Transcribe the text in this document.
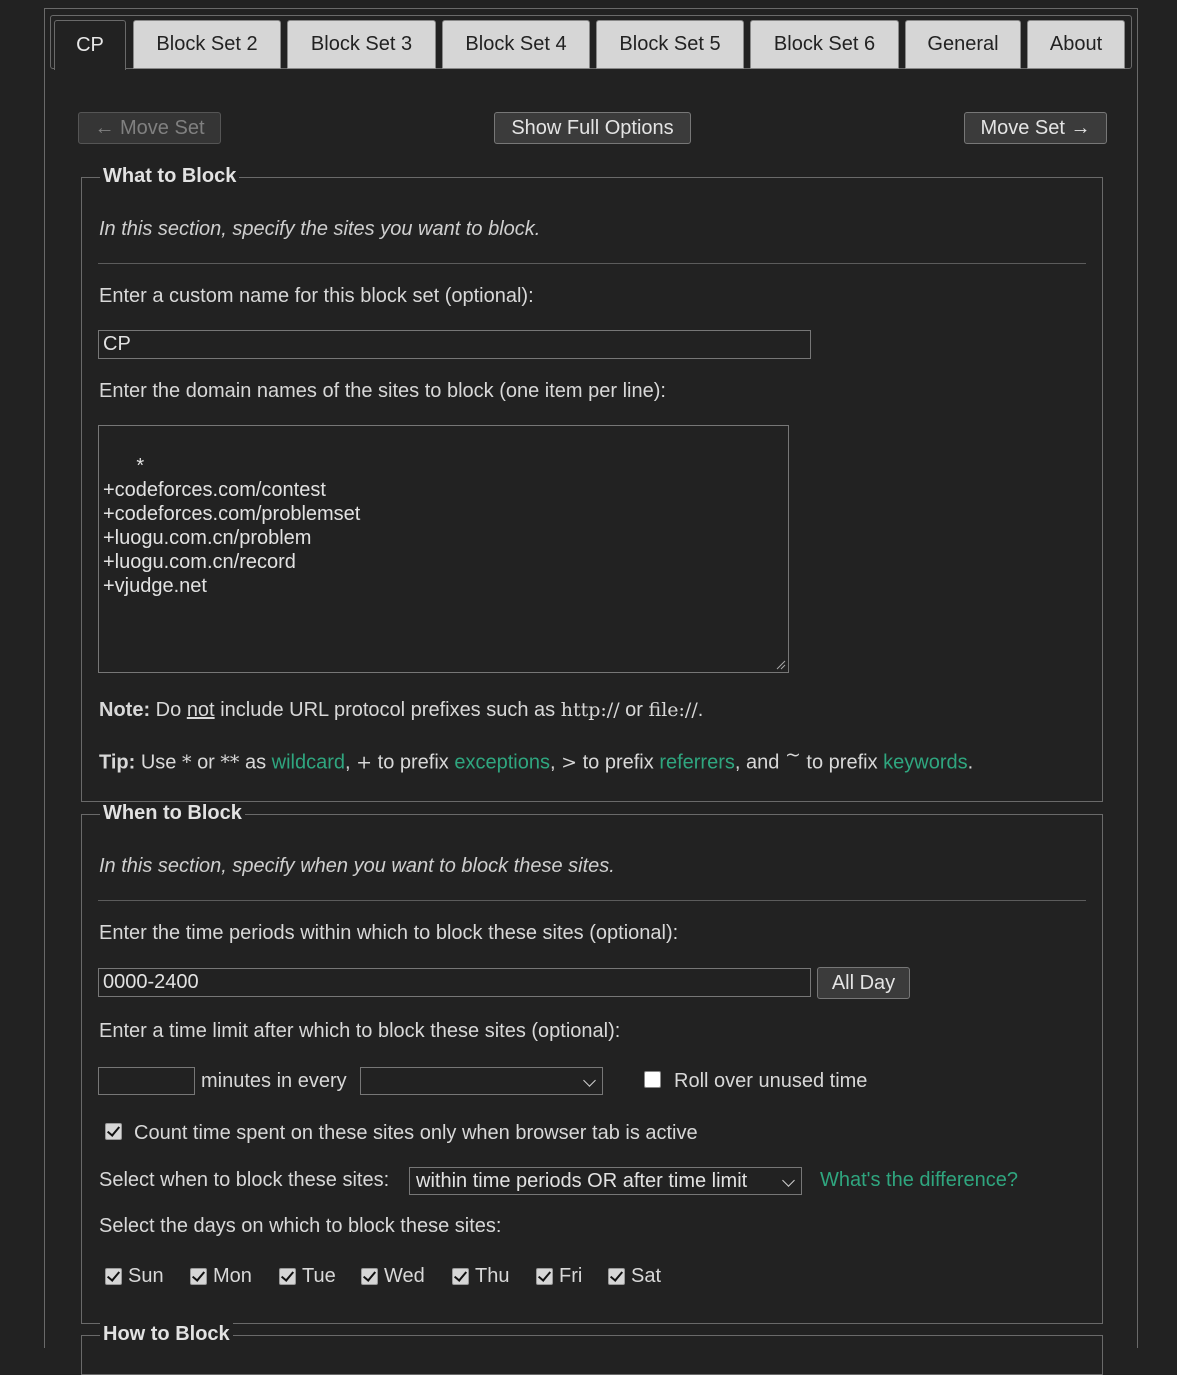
CP	Block Set 2	Block Set 3	Block Set 4	Block Set 5	Block Set 6	General	About
← Move Set	Show Full Options	Move Set →
What to Block
In this section, specify the sites you want to block.
Enter a custom name for this block set (optional):
CP
Enter the domain names of the sites to block (one item per line):

*
+codeforces.com/contest
+codeforces.com/problemset
+luogu.com.cn/problem
+luogu.com.cn/record
+vjudge.net

Note: Do not include URL protocol prefixes such as http:// or file://.
Tip: Use * or ** as wildcard, + to prefix exceptions, > to prefix referrers, and ~ to prefix keywords.
When to Block
In this section, specify when you want to block these sites.
Enter the time periods within which to block these sites (optional):
0000-2400	All Day
Enter a time limit after which to block these sites (optional):
minutes in every	Roll over unused time
Count time spent on these sites only when browser tab is active
Select when to block these sites: within time periods OR after time limit	What's the difference?
Select the days on which to block these sites:
Sun Mon	Tue Wed	Thu Fri Sat
How to Block
